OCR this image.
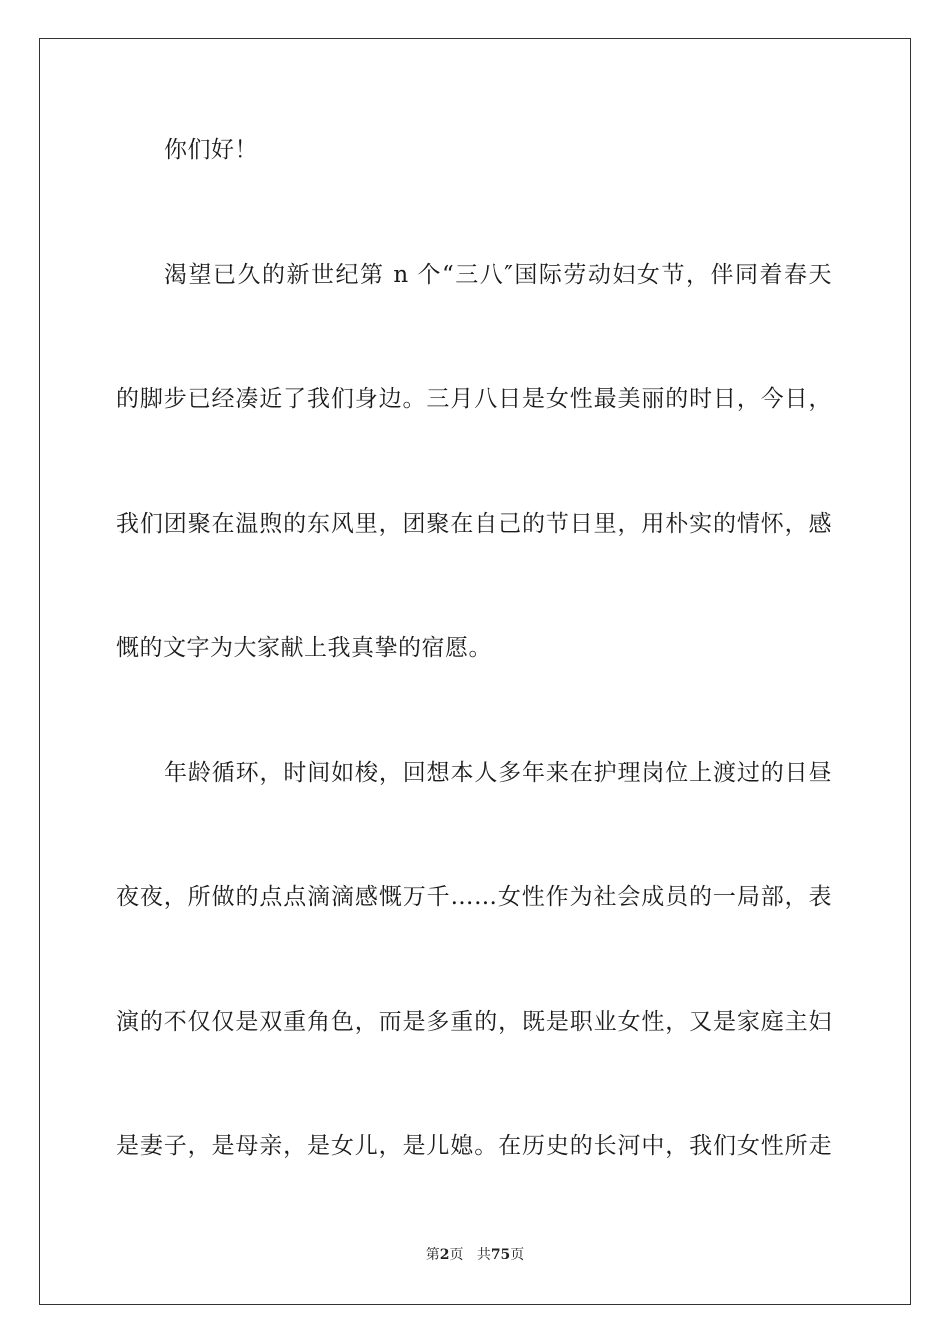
你们好！
渴望已久的新世纪第 n 个“三八″国际劳动妇女节，伴同着春天
的脚步已经凑近了我们身边。三月八日是女性最美丽的时日，今日，
我们团聚在温煦的东风里，团聚在自己的节日里，用朴实的情怀，感
慨的文字为大家献上我真挚的宿愿。
年龄循环，时间如梭，回想本人多年来在护理岗位上渡过的日昼
夜夜，所做的点点滴滴感慨万千……女性作为社会成员的一局部，表
演的不仅仅是双重角色，而是多重的，既是职业女性，又是家庭主妇
是妻子，是母亲，是女儿，是儿媳。在历史的长河中，我们女性所走
第2页 共75页
